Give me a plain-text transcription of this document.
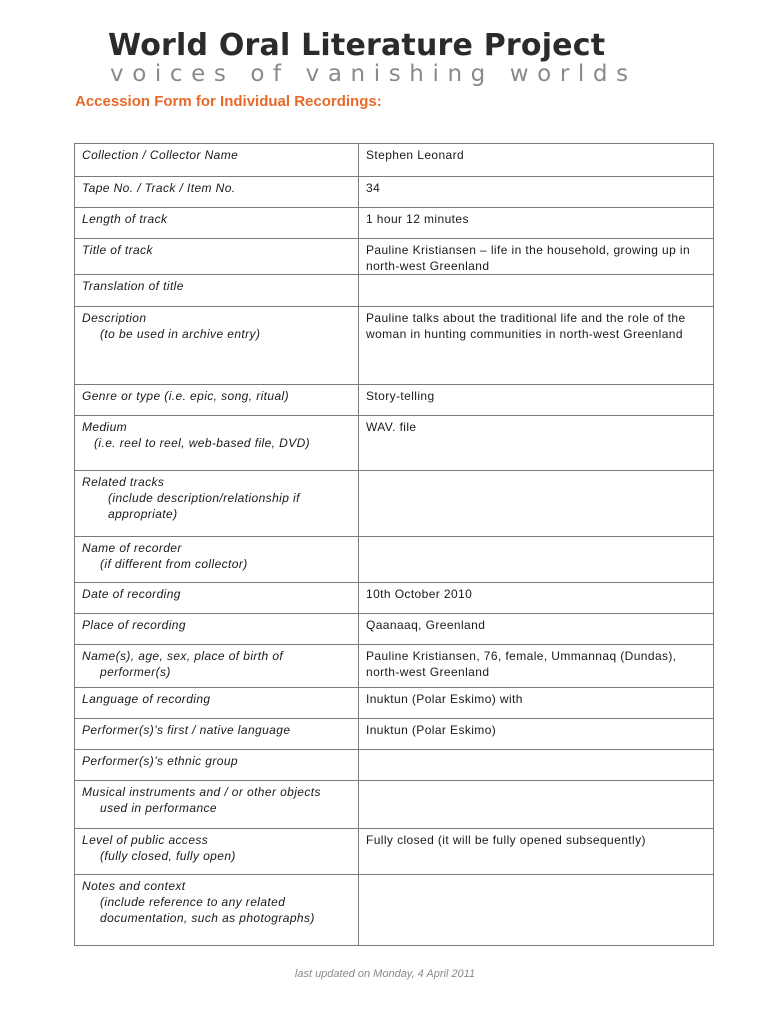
World Oral Literature Project
voices of vanishing worlds
Accession Form for Individual Recordings:
Collection / Collector Name	Stephen Leonard
Tape No. / Track / Item No.	34
Length of track	1 hour 12 minutes
Title of track	Pauline Kristiansen – life in the household, growing up in north-west Greenland
Translation of title	
Description
(to be used in archive entry)	Pauline talks about the traditional life and the role of the woman in hunting communities in north-west Greenland
Genre or type (i.e. epic, song, ritual)	Story-telling
Medium
(i.e. reel to reel, web-based file, DVD)	WAV. file
Related tracks
(include description/relationship if appropriate)	

Name of recorder
(if different from collector)	

Date of recording	10th October 2010
Place of recording	Qaanaaq, Greenland
Name(s), age, sex, place of birth of
performer(s)	Pauline Kristiansen, 76, female, Ummannaq (Dundas), north-west Greenland
Language of recording	Inuktun (Polar Eskimo) with
Performer(s)’s first / native language	Inuktun (Polar Eskimo)
Performer(s)’s ethnic group	
Musical instruments and / or other objects
used in performance	

Level of public access
(fully closed, fully open)	Fully closed (it will be fully opened subsequently)
Notes and context
(include reference to any related documentation, such as photographs)	

last updated on Monday, 4 April 2011
